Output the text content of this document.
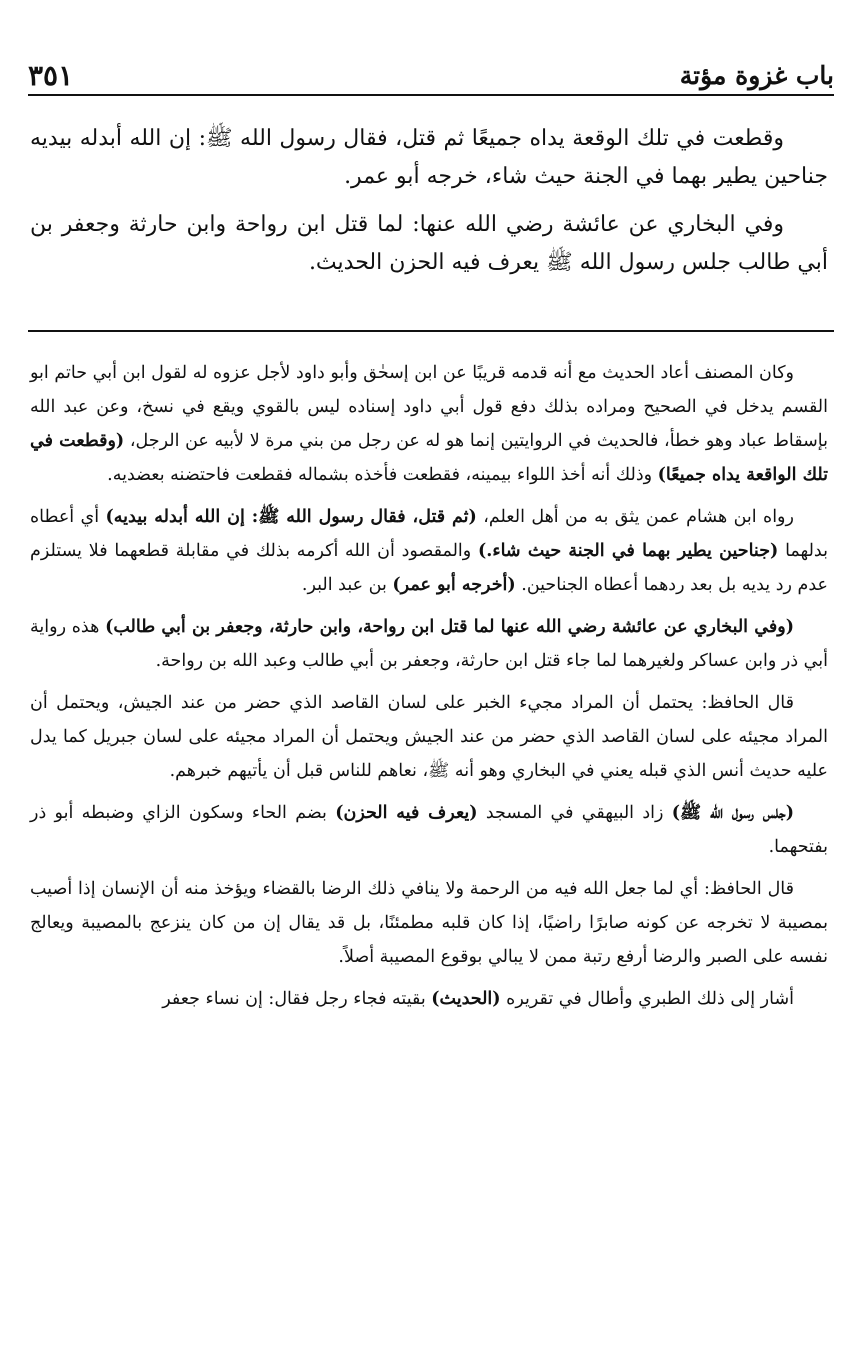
باب غزوة مؤتة
٣٥١

وقطعت في تلك الوقعة يداه جميعًا ثم قتل، فقال رسول الله ﷺ: إن الله أبدله بيديه جناحين يطير بهما في الجنة حيث شاء، خرجه أبو عمر.

وفي البخاري عن عائشة رضي الله عنها: لما قتل ابن رواحة وابن حارثة وجعفر بن أبي طالب جلس رسول الله ﷺ يعرف فيه الحزن الحديث.

وكان المصنف أعاد الحديث مع أنه قدمه قريبًا عن ابن إسحٰق وأبو داود لأجل عزوه له لقول ابن أبي حاتم ابو القسم يدخل في الصحيح ومراده بذلك دفع قول أبي داود إسناده ليس بالقوي ويقع في نسخ، وعن عبد الله بإسقاط عباد وهو خطأ، فالحديث في الروايتين إنما هو له عن رجل من بني مرة لا لأبيه عن الرجل، (وقطعت في تلك الواقعة يداه جميعًا) وذلك أنه أخذ اللواء بيمينه، فقطعت فأخذه بشماله فقطعت فاحتضنه بعضديه.

رواه ابن هشام عمن يثق به من أهل العلم، (ثم قتل، فقال رسول الله ﷺ: إن الله أبدله بيديه) أي أعطاه بدلهما (جناحين يطير بهما في الجنة حيث شاء.) والمقصود أن الله أكرمه بذلك في مقابلة قطعهما فلا يستلزم عدم رد يديه بل بعد ردهما أعطاه الجناحين. (أخرجه أبو عمر) بن عبد البر.

(وفي البخاري عن عائشة رضي الله عنها لما قتل ابن رواحة، وابن حارثة، وجعفر بن أبي طالب) هذه رواية أبي ذر وابن عساكر ولغيرهما لما جاء قتل ابن حارثة، وجعفر بن أبي طالب وعبد الله بن رواحة.

قال الحافظ: يحتمل أن المراد مجيء الخبر على لسان القاصد الذي حضر من عند الجيش، ويحتمل أن المراد مجيئه على لسان القاصد الذي حضر من عند الجيش ويحتمل أن المراد مجيئه على لسان جبريل كما يدل عليه حديث أنس الذي قبله يعني في البخاري وهو أنه ﷺ، نعاهم للناس قبل أن يأتيهم خبرهم.

(جلس رسول الله ﷺ) زاد البيهقي في المسجد (يعرف فيه الحزن) بضم الحاء وسكون الزاي وضبطه أبو ذر بفتحهما.

قال الحافظ: أي لما جعل الله فيه من الرحمة ولا ينافي ذلك الرضا بالقضاء ويؤخذ منه أن الإنسان إذا أصيب بمصيبة لا تخرجه عن كونه صابرًا راضيًا، إذا كان قلبه مطمئنًا، بل قد يقال إن من كان ينزعج بالمصيبة ويعالج نفسه على الصبر والرضا أرفع رتبة ممن لا يبالي بوقوع المصيبة أصلاً.

أشار إلى ذلك الطبري وأطال في تقريره (الحديث) بقيته فجاء رجل فقال: إن نساء جعفر
